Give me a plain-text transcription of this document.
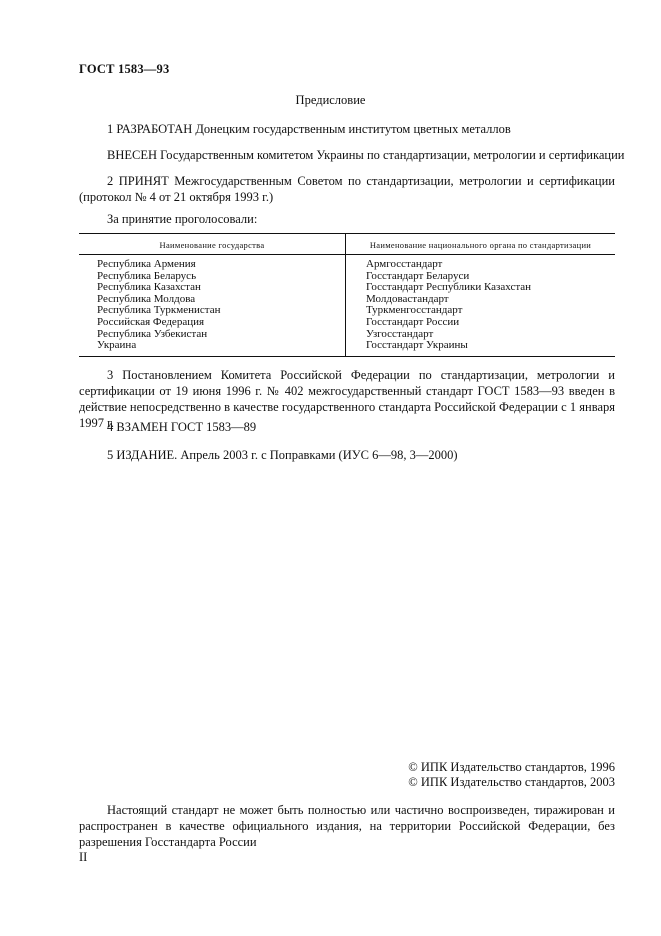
ГОСТ 1583—93
Предисловие
1 РАЗРАБОТАН Донецким государственным институтом цветных металлов
ВНЕСЕН Государственным комитетом Украины по стандартизации, метрологии и сертификации
2 ПРИНЯТ Межгосударственным Советом по стандартизации, метрологии и сертификации (протокол № 4 от 21 октября 1993 г.)
За принятие проголосовали:
Наименование государства	Наименование национального органа по стандартизации
Республика Армения
Республика Беларусь
Республика Казахстан
Республика Молдова
Республика Туркменистан
Российская Федерация
Республика Узбекистан
Украина
Армгосстандарт
Госстандарт Беларуси
Госстандарт Республики Казахстан
Молдовастандарт
Туркменгосстандарт
Госстандарт России
Узгосстандарт
Госстандарт Украины
3 Постановлением Комитета Российской Федерации по стандартизации, метрологии и сертификации от 19 июня 1996 г. № 402 межгосударственный стандарт ГОСТ 1583—93 введен в действие непосредственно в качестве государственного стандарта Российской Федерации с 1 января 1997 г.
4 ВЗАМЕН ГОСТ 1583—89
5 ИЗДАНИЕ. Апрель 2003 г. с Поправками (ИУС 6—98, 3—2000)
© ИПК Издательство стандартов, 1996
© ИПК Издательство стандартов, 2003
Настоящий стандарт не может быть полностью или частично воспроизведен, тиражирован и распространен в качестве официального издания, на территории Российской Федерации, без разрешения Госстандарта России
II
